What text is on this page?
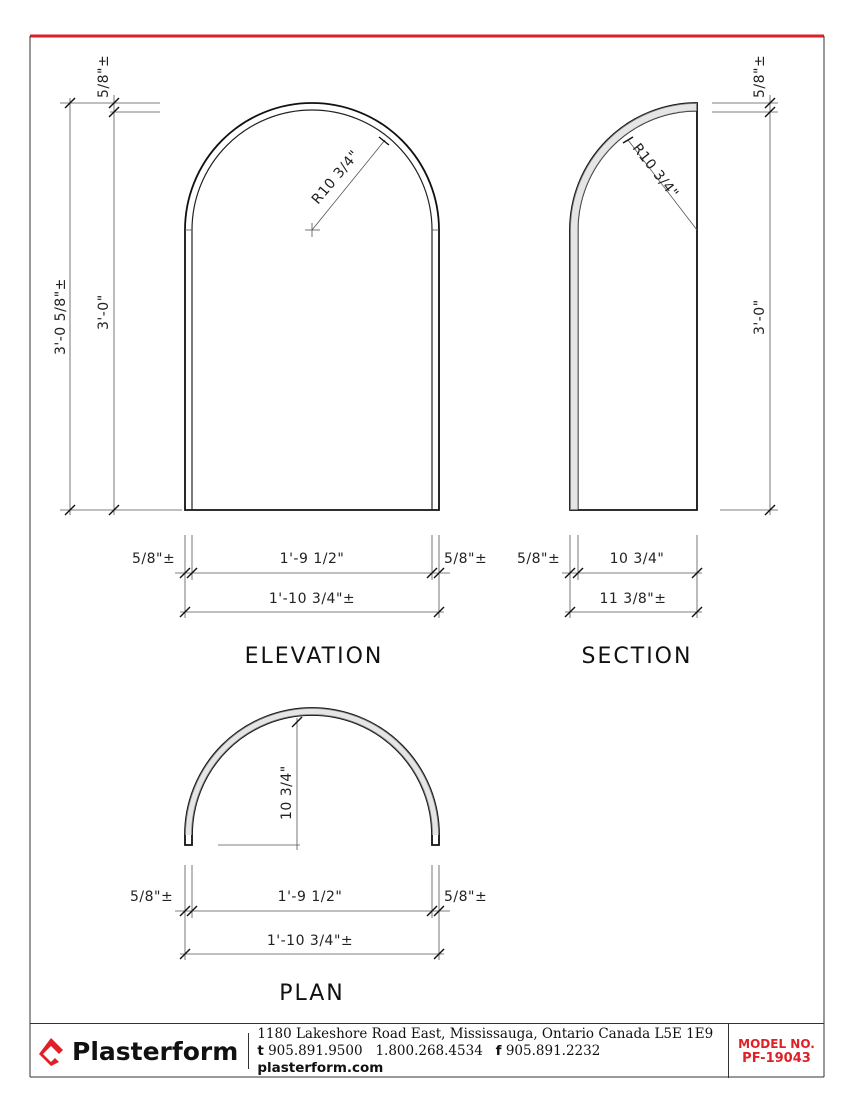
R10 3/4"
3'-0 5/8"± 3'-0"
5/8"±
5/8"±	1'-9 1/2"	5/8"±
1'-10 3/4"±
ELEVATION
R10 3/4"
5/8"±
3'-0"
5/8"±	10 3/4"
11 3/8"±
SECTION
10 3/4"
5/8"±	1'-9 1/2"	5/8"±
1'-10 3/4"±
PLAN
Plasterform
1180 Lakeshore Road East, Mississauga, Ontario Canada L5E 1E9
t 905.891.9500 1.800.268.4534 f 905.891.2232   plasterform.com
MODEL NO.
PF-19043
